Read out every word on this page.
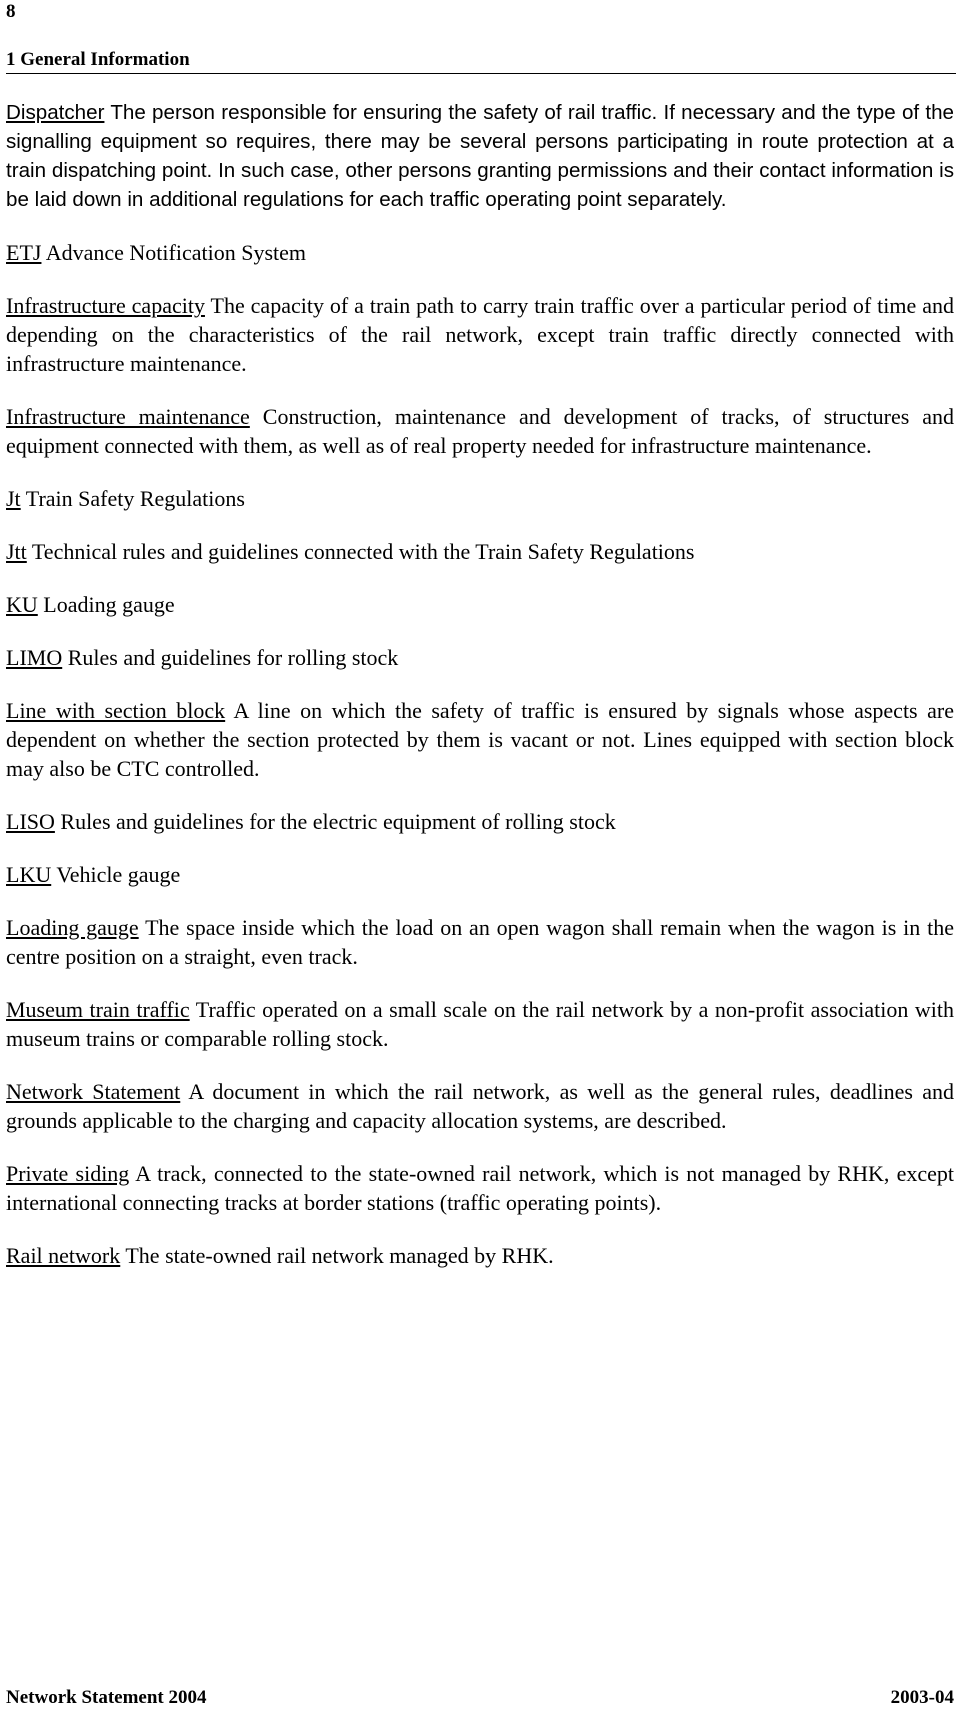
8
1 General Information

Dispatcher The person responsible for ensuring the safety of rail traffic. If necessary and the type of the signalling equipment so requires, there may be several persons participating in route protection at a train dispatching point. In such case, other persons granting permissions and their contact information is be laid down in additional regulations for each traffic operating point separately.

ETJ Advance Notification System

Infrastructure capacity The capacity of a train path to carry train traffic over a particular period of time and depending on the characteristics of the rail network, except train traffic directly connected with infrastructure maintenance.

Infrastructure maintenance Construction, maintenance and development of tracks, of structures and equipment connected with them, as well as of real property needed for infrastructure maintenance.

Jt Train Safety Regulations

Jtt Technical rules and guidelines connected with the Train Safety Regulations

KU Loading gauge

LIMO Rules and guidelines for rolling stock

Line with section block A line on which the safety of traffic is ensured by signals whose aspects are dependent on whether the section protected by them is vacant or not. Lines equipped with section block may also be CTC controlled.

LISO Rules and guidelines for the electric equipment of rolling stock

LKU Vehicle gauge

Loading gauge The space inside which the load on an open wagon shall remain when the wagon is in the centre position on a straight, even track.

Museum train traffic Traffic operated on a small scale on the rail network by a non-profit association with museum trains or comparable rolling stock.

Network Statement A document in which the rail network, as well as the general rules, deadlines and grounds applicable to the charging and capacity allocation systems, are described.

Private siding A track, connected to the state-owned rail network, which is not managed by RHK, except international connecting tracks at border stations (traffic operating points).

Rail network The state-owned rail network managed by RHK.

Network Statement 2004	2003-04
